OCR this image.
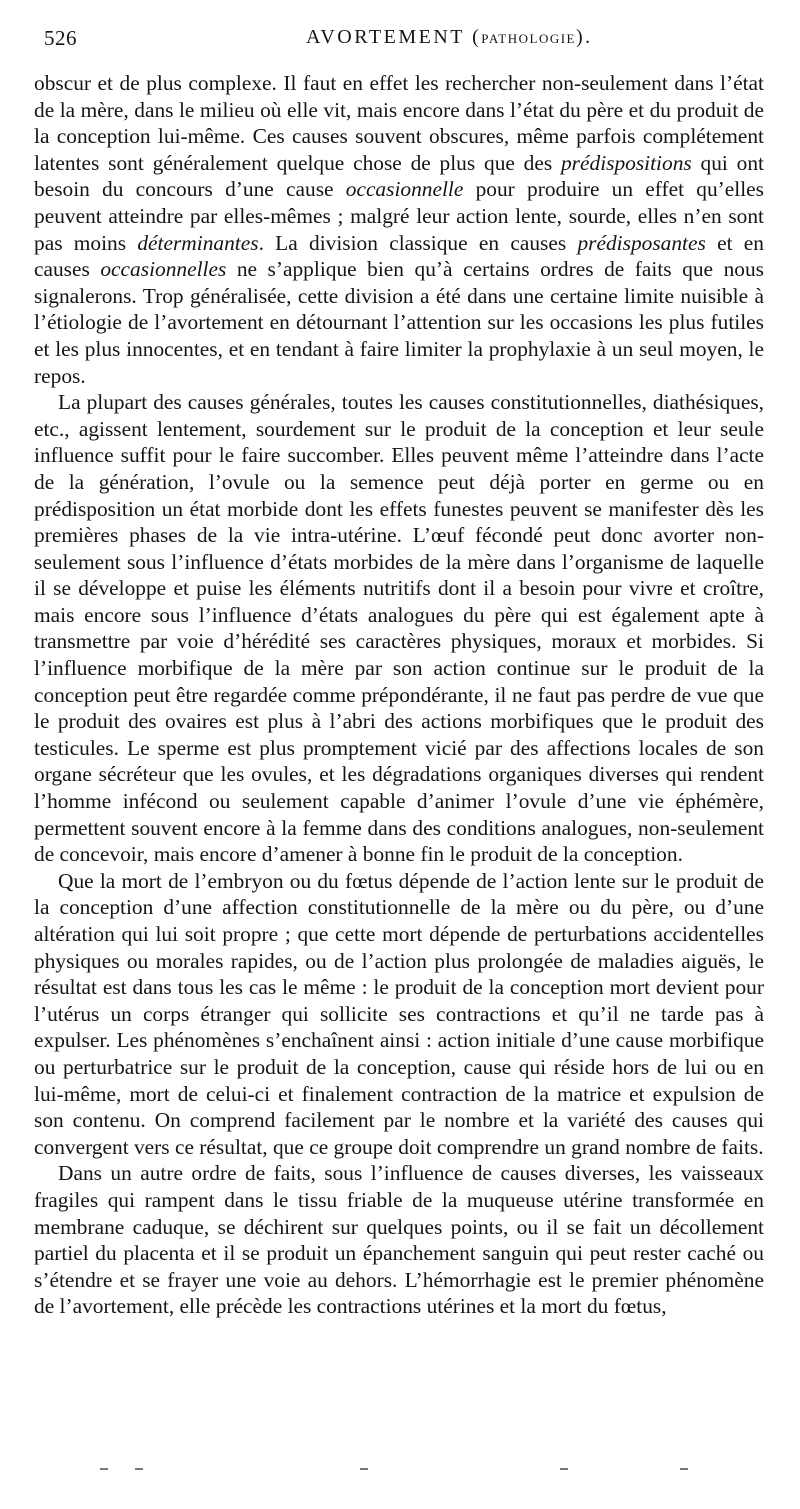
526	AVORTEMENT (PATHOLOGIE).

obscur et de plus complexe. Il faut en effet les rechercher non-seulement dans l’état de la mère, dans le milieu où elle vit, mais encore dans l’état du père et du produit de la conception lui-même. Ces causes souvent obscures, même parfois complétement latentes sont généralement quelque chose de plus que des prédispositions qui ont besoin du concours d’une cause occasionnelle pour produire un effet qu’elles peuvent atteindre par elles-mêmes ; malgré leur action lente, sourde, elles n’en sont pas moins déterminantes. La division classique en causes prédisposantes et en causes occasionnelles ne s’applique bien qu’à certains ordres de faits que nous signalerons. Trop généralisée, cette division a été dans une certaine limite nuisible à l’étiologie de l’avortement en détournant l’attention sur les occasions les plus futiles et les plus innocentes, et en tendant à faire limiter la prophylaxie à un seul moyen, le repos.

La plupart des causes générales, toutes les causes constitutionnelles, diathésiques, etc., agissent lentement, sourdement sur le produit de la conception et leur seule influence suffit pour le faire succomber. Elles peuvent même l’atteindre dans l’acte de la génération, l’ovule ou la semence peut déjà porter en germe ou en prédisposition un état morbide dont les effets funestes peuvent se manifester dès les premières phases de la vie intra-utérine. L’œuf fécondé peut donc avorter non-seulement sous l’influence d’états morbides de la mère dans l’organisme de laquelle il se développe et puise les éléments nutritifs dont il a besoin pour vivre et croître, mais encore sous l’influence d’états analogues du père qui est également apte à transmettre par voie d’hérédité ses caractères physiques, moraux et morbides. Si l’influence morbifique de la mère par son action continue sur le produit de la conception peut être regardée comme prépondérante, il ne faut pas perdre de vue que le produit des ovaires est plus à l’abri des actions morbifiques que le produit des testicules. Le sperme est plus promptement vicié par des affections locales de son organe sécréteur que les ovules, et les dégradations organiques diverses qui rendent l’homme infécond ou seulement capable d’animer l’ovule d’une vie éphémère, permettent souvent encore à la femme dans des conditions analogues, non-seulement de concevoir, mais encore d’amener à bonne fin le produit de la conception.

Que la mort de l’embryon ou du fœtus dépende de l’action lente sur le produit de la conception d’une affection constitutionnelle de la mère ou du père, ou d’une altération qui lui soit propre ; que cette mort dépende de perturbations accidentelles physiques ou morales rapides, ou de l’action plus prolongée de maladies aiguës, le résultat est dans tous les cas le même : le produit de la conception mort devient pour l’utérus un corps étranger qui sollicite ses contractions et qu’il ne tarde pas à expulser. Les phénomènes s’enchaînent ainsi : action initiale d’une cause morbifique ou perturbatrice sur le produit de la conception, cause qui réside hors de lui ou en lui-même, mort de celui-ci et finalement contraction de la matrice et expulsion de son contenu. On comprend facilement par le nombre et la variété des causes qui convergent vers ce résultat, que ce groupe doit comprendre un grand nombre de faits.

Dans un autre ordre de faits, sous l’influence de causes diverses, les vaisseaux fragiles qui rampent dans le tissu friable de la muqueuse utérine transformée en membrane caduque, se déchirent sur quelques points, ou il se fait un décollement partiel du placenta et il se produit un épanchement sanguin qui peut rester caché ou s’étendre et se frayer une voie au dehors. L’hémorrhagie est le premier phénomène de l’avortement, elle précède les contractions utérines et la mort du fœtus,
